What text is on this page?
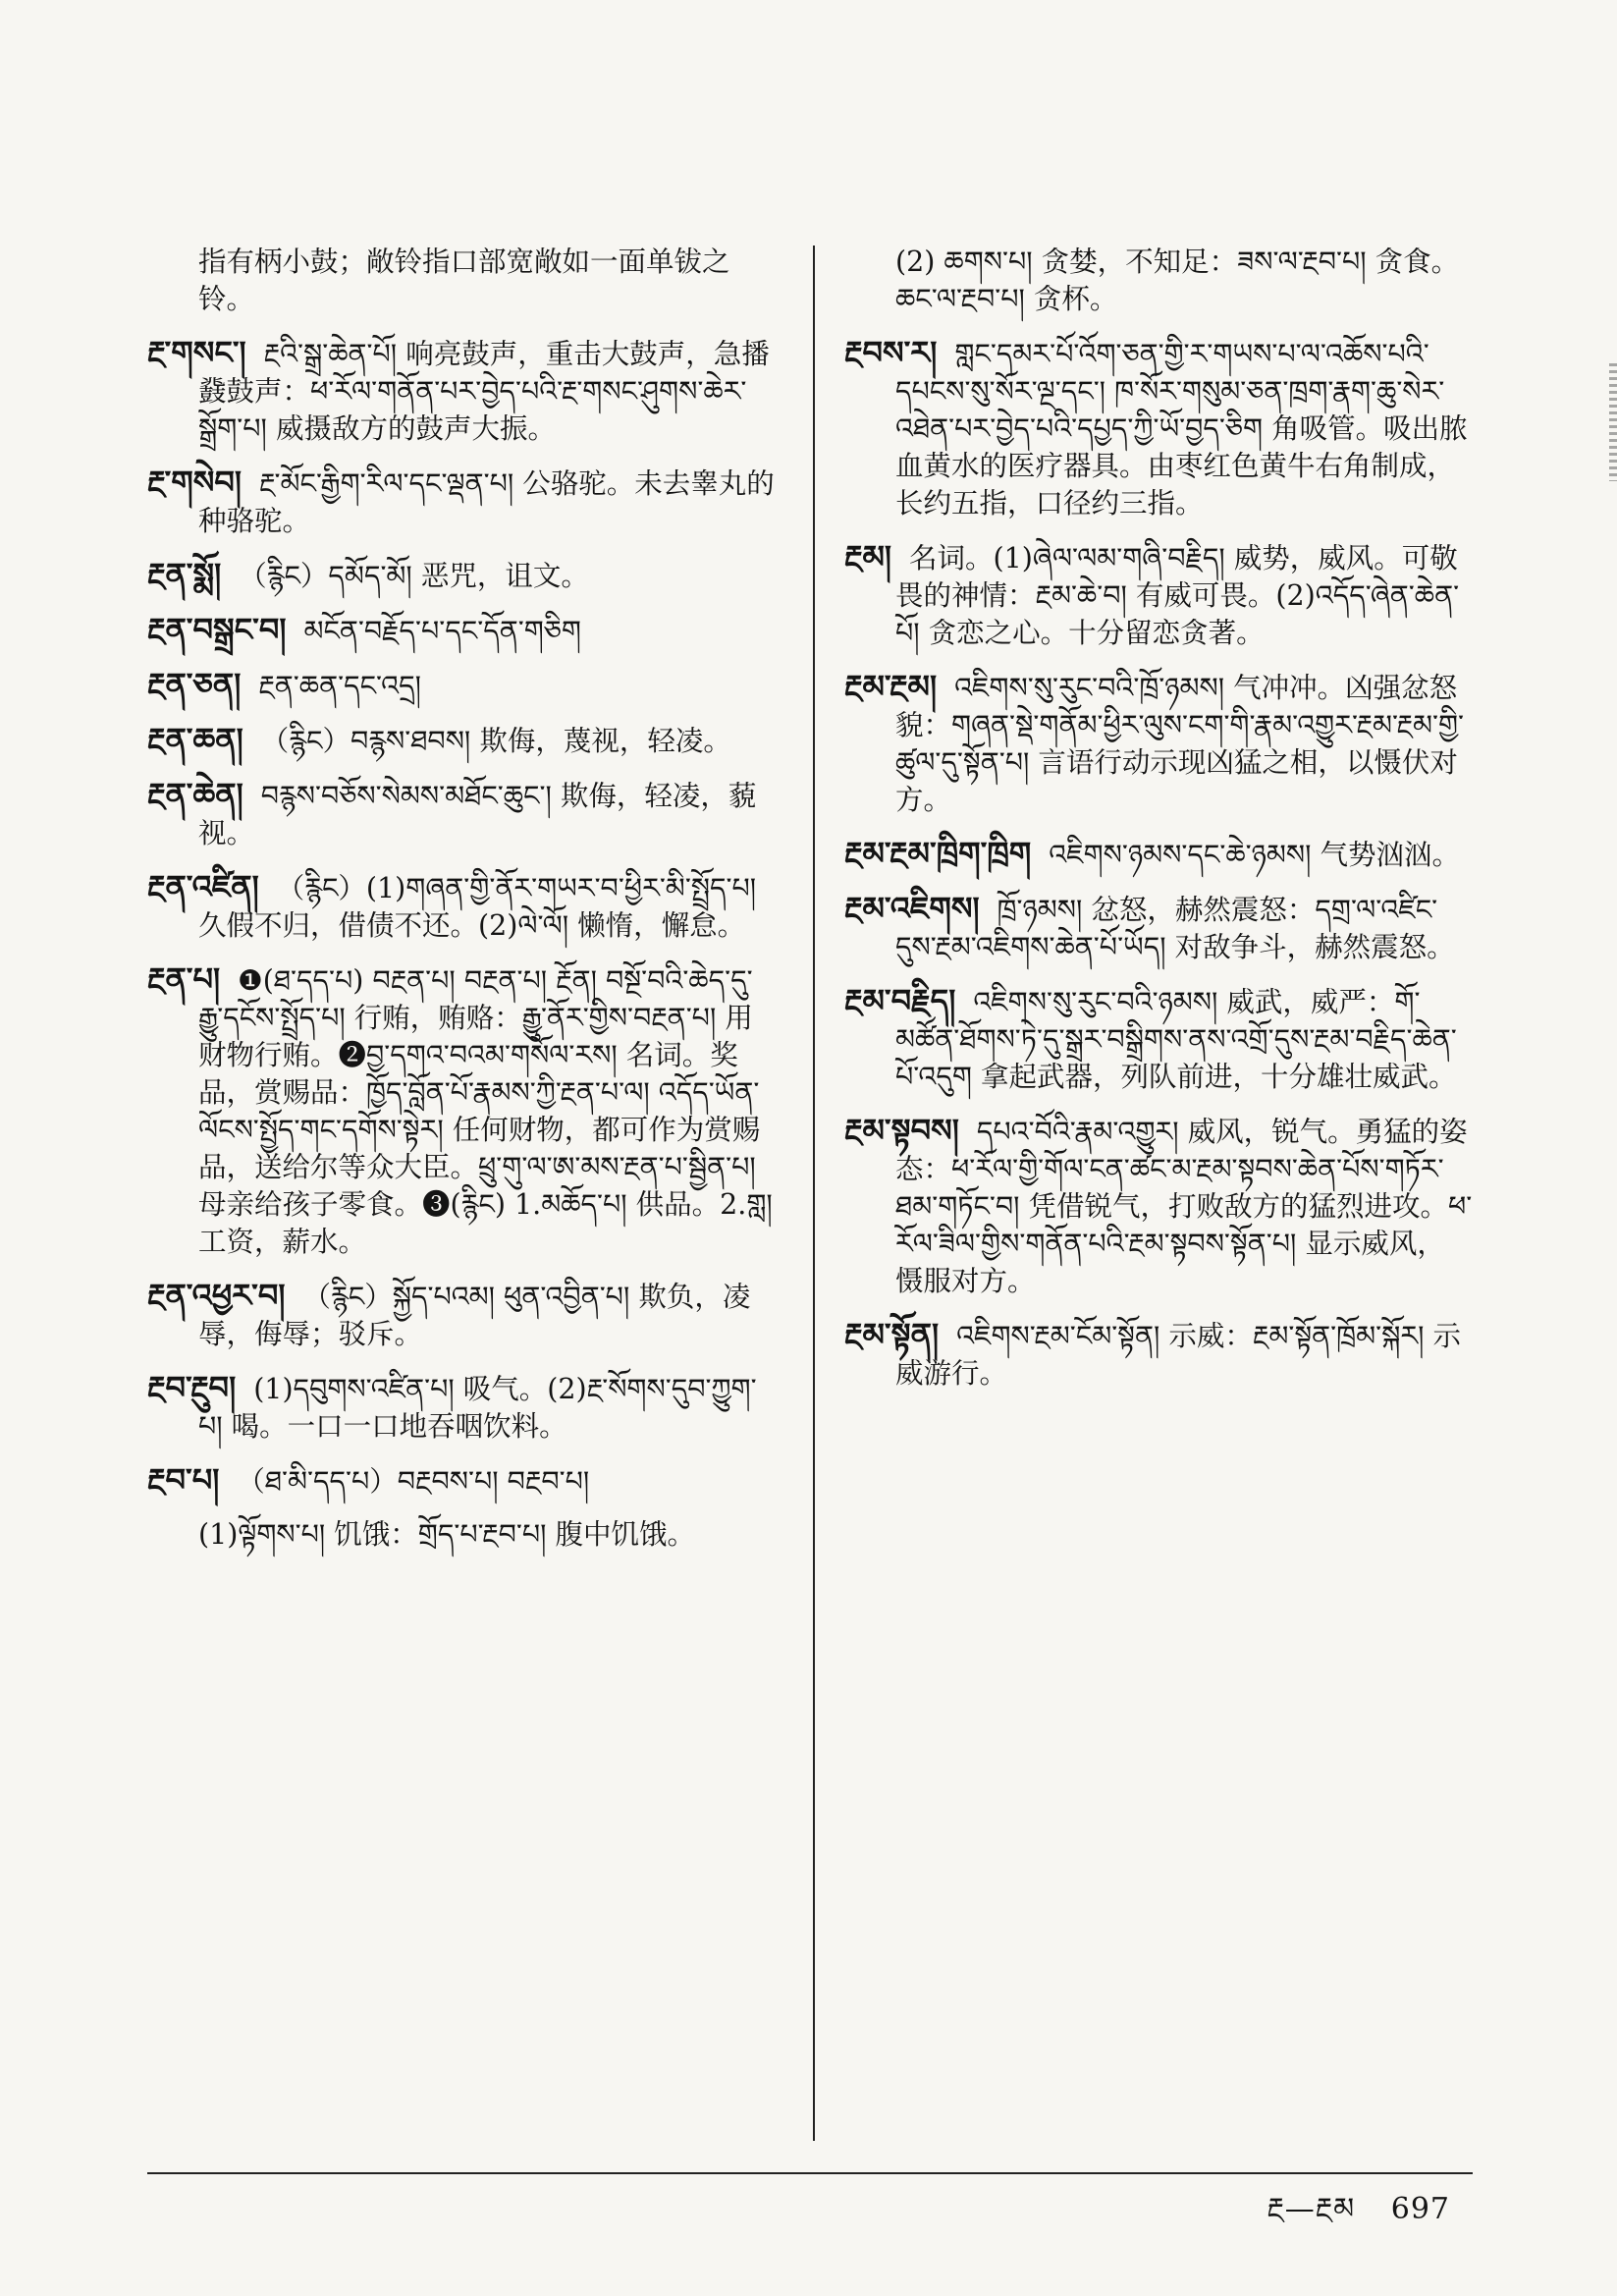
指有柄小鼓；敞铃指口部宽敞如一面单钹之铃。

རྔ་གསང་། རྔའི་སྒྲ་ཆེན་པོ། 响亮鼓声，重击大鼓声，急播鼗鼓声：ཕ་རོལ་གནོན་པར་བྱེད་པའི་རྔ་གསང་ཤུགས་ཆེར་སྒྲོག་པ། 威摄敌方的鼓声大振。

རྔ་གསེབ། རྔ་མོང་རྒྱིག་རིལ་དང་ལྡན་པ། 公骆驼。未去睾丸的种骆驼。

རྔན་སྨོ། （རྙིང）དམོད་མོ། 恶咒，诅文。

རྔན་བསྒྲང་བ། མངོན་བརྗོད་པ་དང་དོན་གཅིག

རྔན་ཅན། རྔན་ཆན་དང་འདྲ།

རྔན་ཆན། （རྙིང）བརྙས་ཐབས། 欺侮，蔑视，轻凌。

རྔན་ཆེན། བརྙས་བཅོས་སེམས་མཐོང་ཆུང་། 欺侮，轻凌，藐视。

རྔན་འཛིན། （རྙིང）(1)གཞན་གྱི་ནོར་གཡར་བ་ཕྱིར་མི་སྤྲོད་པ། 久假不归，借债不还。(2)ལེ་ལོ། 懒惰，懈怠。

རྔན་པ། ❶(ཐ་དད་པ) བརྔན་པ། བརྔན་པ། རྔོན། བསྔོ་བའི་ཆེད་དུ་རྒྱུ་དངོས་སྤྲོད་པ། 行贿，贿赂：རྒྱུ་ནོར་གྱིས་བརྔན་པ། 用财物行贿。❷བྱ་དགའ་བའམ་གསོལ་རས། 名词。奖品，赏赐品：ཁྱོད་བློན་པོ་རྣམས་ཀྱི་རྔན་པ་ལ། འདོད་ཡོན་ལོངས་སྤྱོད་གང་དགོས་སྟེར། 任何财物，都可作为赏赐品，送给尔等众大臣。ཕྲུ་གུ་ལ་ཨ་མས་རྔན་པ་སྦྱིན་པ། 母亲给孩子零食。❸(རྙིང) 1.མཆོད་པ། 供品。2.གླ། 工资，薪水。

རྔན་འཕྱར་བ། （རྙིང）སྐྱོད་པའམ། ཕུན་འབྱིན་པ། 欺负，凌辱，侮辱；驳斥。

རྔབ་རྔུབ། (1)དབུགས་འཛིན་པ། 吸气。(2)རྔ་སོགས་དུབ་ཀྱུག་པ། 喝。一口一口地吞咽饮料。

རྔབ་པ། （ཐ་མི་དད་པ）བརྔབས་པ། བརྔབ་པ།

(1)ལྟོགས་པ། 饥饿：གྲོད་པ་རྔབ་པ། 腹中饥饿。

(2) ཆགས་པ། 贪婪，不知足：ཟས་ལ་རྔབ་པ། 贪食。ཆང་ལ་རྔབ་པ། 贪杯。

རྔབས་ར། གླང་དམར་པོ་འོག་ཅན་གྱི་ར་གཡས་པ་ལ་འཆོས་པའི་དཔངས་སུ་སོར་ལྔ་དང་། ཁ་སོར་གསུམ་ཅན་ཁྲག་རྣག་ཆུ་སེར་འཐེན་པར་བྱེད་པའི་དཔྱད་ཀྱི་ཡོ་བྱད་ཅིག 角吸管。吸出脓血黄水的医疗器具。由枣红色黄牛右角制成，长约五指，口径约三指。

རྔམ། 名词。(1)ཞེལ་ལམ་གཞི་བརྗིད། 威势，威风。可敬畏的神情：རྔམ་ཆེ་བ། 有威可畏。(2)འདོད་ཞེན་ཆེན་པོ། 贪恋之心。十分留恋贪著。

རྔམ་རྔམ། འཇིགས་སུ་རུང་བའི་ཁྲོ་ཉམས། 气冲冲。凶强忿怒貌：གཞན་སྡེ་གནོམ་ཕྱིར་ལུས་ངག་གི་རྣམ་འགྱུར་རྔམ་རྔམ་གྱི་ཚུལ་དུ་སྟོན་པ། 言语行动示现凶猛之相，以慑伏对方。

རྔམ་རྔམ་ཁྲིག་ཁྲིག འཇིགས་ཉམས་དང་ཆེ་ཉམས། 气势汹汹。

རྔམ་འཇིགས། ཁྲོ་ཉམས། 忿怒，赫然震怒：དགྲ་ལ་འཛིང་དུས་རྔམ་འཇིགས་ཆེན་པོ་ཡོད། 对敌争斗，赫然震怒。

རྔམ་བརྗིད། འཇིགས་སུ་རུང་བའི་ཉམས། 威武，威严：གོ་མཚོན་ཐོགས་ཏེ་དུ་སྒྲར་བསྒྲིགས་ནས་འགྲོ་དུས་རྔམ་བརྗིད་ཆེན་པོ་འདུག 拿起武器，列队前进，十分雄壮威武。

རྔམ་སྟབས། དཔའ་བོའི་རྣམ་འགྱུར། 威风，锐气。勇猛的姿态：ཕ་རོལ་གྱི་གོལ་ངན་ཚང་མ་རྔམ་སྟབས་ཆེན་པོས་གཏོར་ཐམ་གཏོང་བ། 凭借锐气，打败敌方的猛烈进攻。ཕ་རོལ་ཟིལ་གྱིས་གནོན་པའི་རྔམ་སྟབས་སྟོན་པ། 显示威风，慑服对方。

རྔམ་སྟོན། འཇིགས་རྔམ་ངོམ་སྟོན། 示威：རྔམ་སྟོན་ཁྲོམ་སྐོར། 示威游行。

རྔ—རྔམ 697
